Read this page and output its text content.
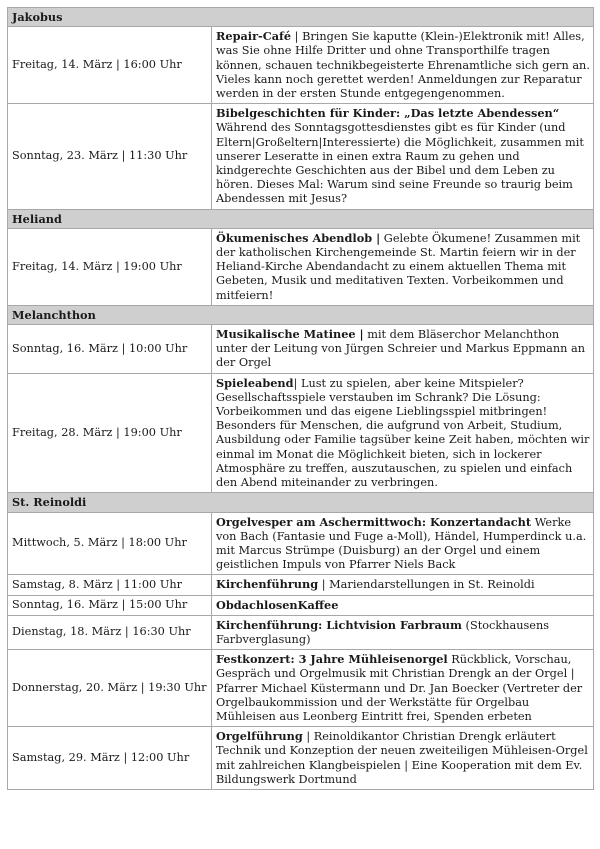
Jakobus	
Freitag, 14. März | 16:00 Uhr	Repair-Café | Bringen Sie kaputte (Klein-)Elektronik mit! Alles, was Sie ohne Hilfe Dritter und ohne Transporthilfe tragen können, schauen technikbegeisterte Ehrenamtliche sich gern an. Vieles kann noch gerettet werden! Anmeldungen zur Reparatur werden in der ersten Stunde entgegengenommen.
Sonntag, 23. März | 11:30 Uhr	Bibelgeschichten für Kinder: „Das letzte Abendessen“ Während des Sonntagsgottesdienstes gibt es für Kinder (und Eltern|Großeltern|Interessierte) die Möglichkeit, zusammen mit unserer Leseratte in einen extra Raum zu gehen und kindgerechte Geschichten aus der Bibel und dem Leben zu hören. Dieses Mal: Warum sind seine Freunde so traurig beim Abendessen mit Jesus?
Heliand	
Freitag, 14. März | 19:00 Uhr	Ökumenisches Abendlob | Gelebte Ökumene! Zusammen mit der katholischen Kirchengemeinde St. Martin feiern wir in der Heliand-Kirche Abendandacht zu einem aktuellen Thema mit Gebeten, Musik und meditativen Texten. Vorbeikommen und mitfeiern!
Melanchthon	
Sonntag, 16. März | 10:00 Uhr	Musikalische Matinee | mit dem Bläserchor Melanchthon unter der Leitung von Jürgen Schreier und Markus Eppmann an der Orgel
Freitag, 28. März | 19:00 Uhr	Spieleabend| Lust zu spielen, aber keine Mitspieler? Gesellschaftsspiele verstauben im Schrank? Die Lösung: Vorbeikommen und das eigene Lieblingsspiel mitbringen! Besonders für Menschen, die aufgrund von Arbeit, Studium, Ausbildung oder Familie tagsüber keine Zeit haben, möchten wir einmal im Monat die Möglichkeit bieten, sich in lockerer Atmosphäre zu treffen, auszutauschen, zu spielen und einfach den Abend miteinander zu verbringen.
St. Reinoldi	
Mittwoch, 5. März | 18:00 Uhr	Orgelvesper am Aschermittwoch: Konzertandacht Werke von Bach (Fantasie und Fuge a-Moll), Händel, Humperdinck u.a. mit Marcus Strümpe (Duisburg) an der Orgel und einem geistlichen Impuls von Pfarrer Niels Back
Samstag, 8. März | 11:00 Uhr	Kirchenführung | Mariendarstellungen in St. Reinoldi
Sonntag, 16. März | 15:00 Uhr	ObdachlosenKaffee
Dienstag, 18. März | 16:30 Uhr	Kirchenführung: Lichtvision Farbraum (Stockhausens Farbverglasung)
Donnerstag, 20. März | 19:30 Uhr	Festkonzert: 3 Jahre Mühleisenorgel Rückblick, Vorschau, Gespräch und Orgelmusik mit Christian Drengk an der Orgel | Pfarrer Michael Küstermann und Dr. Jan Boecker (Vertreter der Orgelbaukommission und der Werkstätte für Orgelbau Mühleisen aus Leonberg Eintritt frei, Spenden erbeten
Samstag, 29. März | 12:00 Uhr	Orgelführung | Reinoldikantor Christian Drengk erläutert Technik und Konzeption der neuen zweiteiligen Mühleisen-Orgel mit zahlreichen Klangbeispielen | Eine Kooperation mit dem Ev. Bildungswerk Dortmund
